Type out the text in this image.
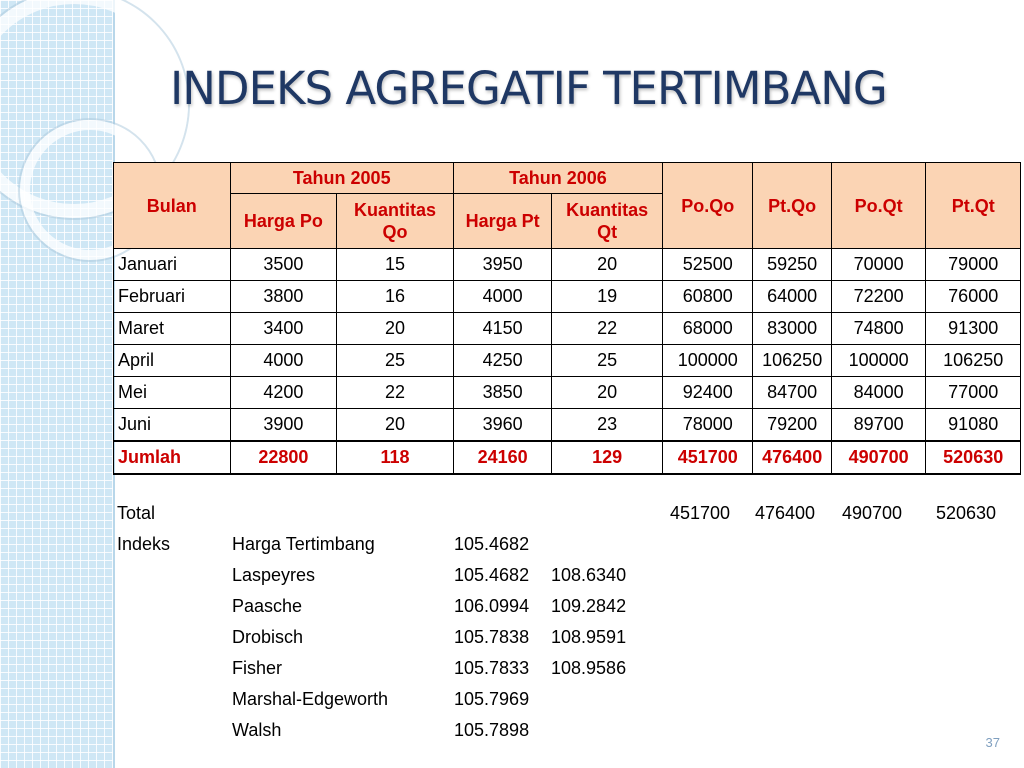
INDEKS AGREGATIF TERTIMBANG
Bulan	Tahun 2005		Tahun 2006		Po.Qo	Pt.Qo	Po.Qt	Pt.Qt
	Harga Po	Kuantitas Qo	Harga Pt	Kuantitas Qt				
Januari	3500	15	3950	20	52500	59250	70000	79000
Februari	3800	16	4000	19	60800	64000	72200	76000
Maret	3400	20	4150	22	68000	83000	74800	91300
April	4000	25	4250	25	100000	106250	100000	106250
Mei	4200	22	3850	20	92400	84700	84000	77000
Juni	3900	20	3960	23	78000	79200	89700	91080
Jumlah	22800	118	24160	129	451700	476400	490700	520630
Total	451700 476400 490700 520630
Indeks	Harga Tertimbang	105.4682
Laspeyres	105.4682 108.6340
Paasche	106.0994 109.2842
Drobisch	105.7838 108.9591
Fisher	105.7833 108.9586
Marshal-Edgeworth	105.7969
Walsh	105.7898
37
